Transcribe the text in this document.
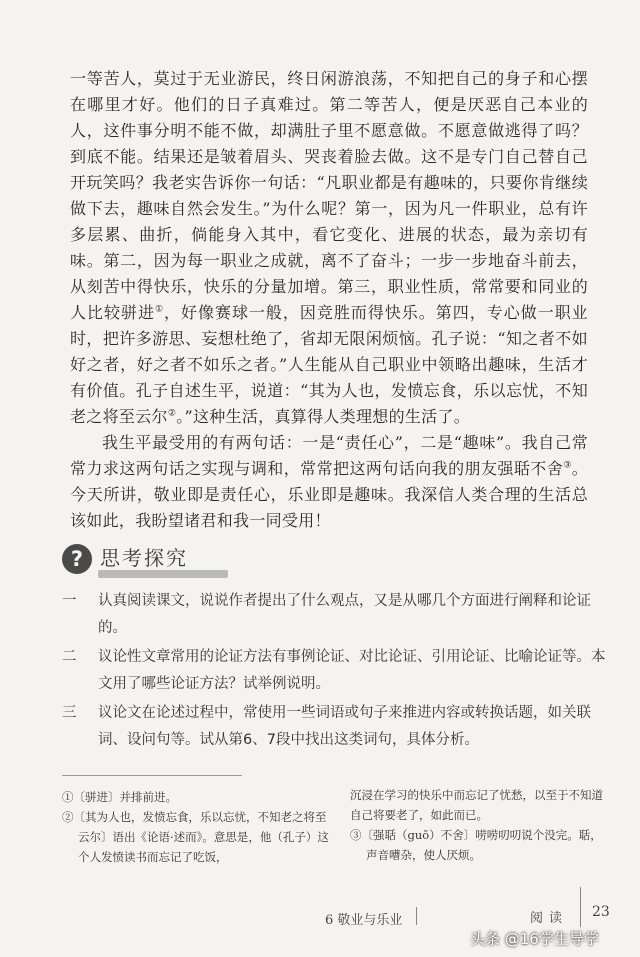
一等苦人，莫过于无业游民，终日闲游浪荡，不知把自己的身子和心摆在哪里才好。他们的日子真难过。第二等苦人，便是厌恶自己本业的人，这件事分明不能不做，却满肚子里不愿意做。不愿意做逃得了吗？到底不能。结果还是皱着眉头、哭丧着脸去做。这不是专门自己替自己开玩笑吗？我老实告诉你一句话：“凡职业都是有趣味的，只要你肯继续做下去，趣味自然会发生。”为什么呢？第一，因为凡一件职业，总有许多层累、曲折，倘能身入其中，看它变化、进展的状态，最为亲切有味。第二，因为每一职业之成就，离不了奋斗；一步一步地奋斗前去，从刻苦中得快乐，快乐的分量加增。第三，职业性质，常常要和同业的人比较骈进①，好像赛球一般，因竞胜而得快乐。第四，专心做一职业时，把许多游思、妄想杜绝了，省却无限闲烦恼。孔子说：“知之者不如好之者，好之者不如乐之者。”人生能从自己职业中领略出趣味，生活才有价值。孔子自述生平，说道：“其为人也，发愤忘食，乐以忘忧，不知老之将至云尔②。”这种生活，真算得人类理想的生活了。

我生平最受用的有两句话：一是“责任心”，二是“趣味”。我自己常常力求这两句话之实现与调和，常常把这两句话向我的朋友强聒不舍③。今天所讲，敬业即是责任心，乐业即是趣味。我深信人类合理的生活总该如此，我盼望诸君和我一同受用！

? 思考探究
一 认真阅读课文，说说作者提出了什么观点，又是从哪几个方面进行阐释和论证的。
二 议论性文章常用的论证方法有事例论证、对比论证、引用论证、比喻论证等。本文用了哪些论证方法？试举例说明。
三 议论文在论述过程中，常使用一些词语或句子来推进内容或转换话题，如关联词、设问句等。试从第6、7段中找出这类词句，具体分析。

①〔骈进〕并排前进。

②〔其为人也，发愤忘食，乐以忘忧，不知老之将至云尔〕语出《论语·述而》。意思是，他（孔子）这个人发愤读书而忘记了吃饭，

沉浸在学习的快乐中而忘记了忧愁，以至于不知道自己将要老了，如此而已。

③〔强聒（guō）不舍〕唠唠叨叨说个没完。聒，声音嘈杂，使人厌烦。

6 敬业与乐业	阅读 23
头条 @16学生导学
